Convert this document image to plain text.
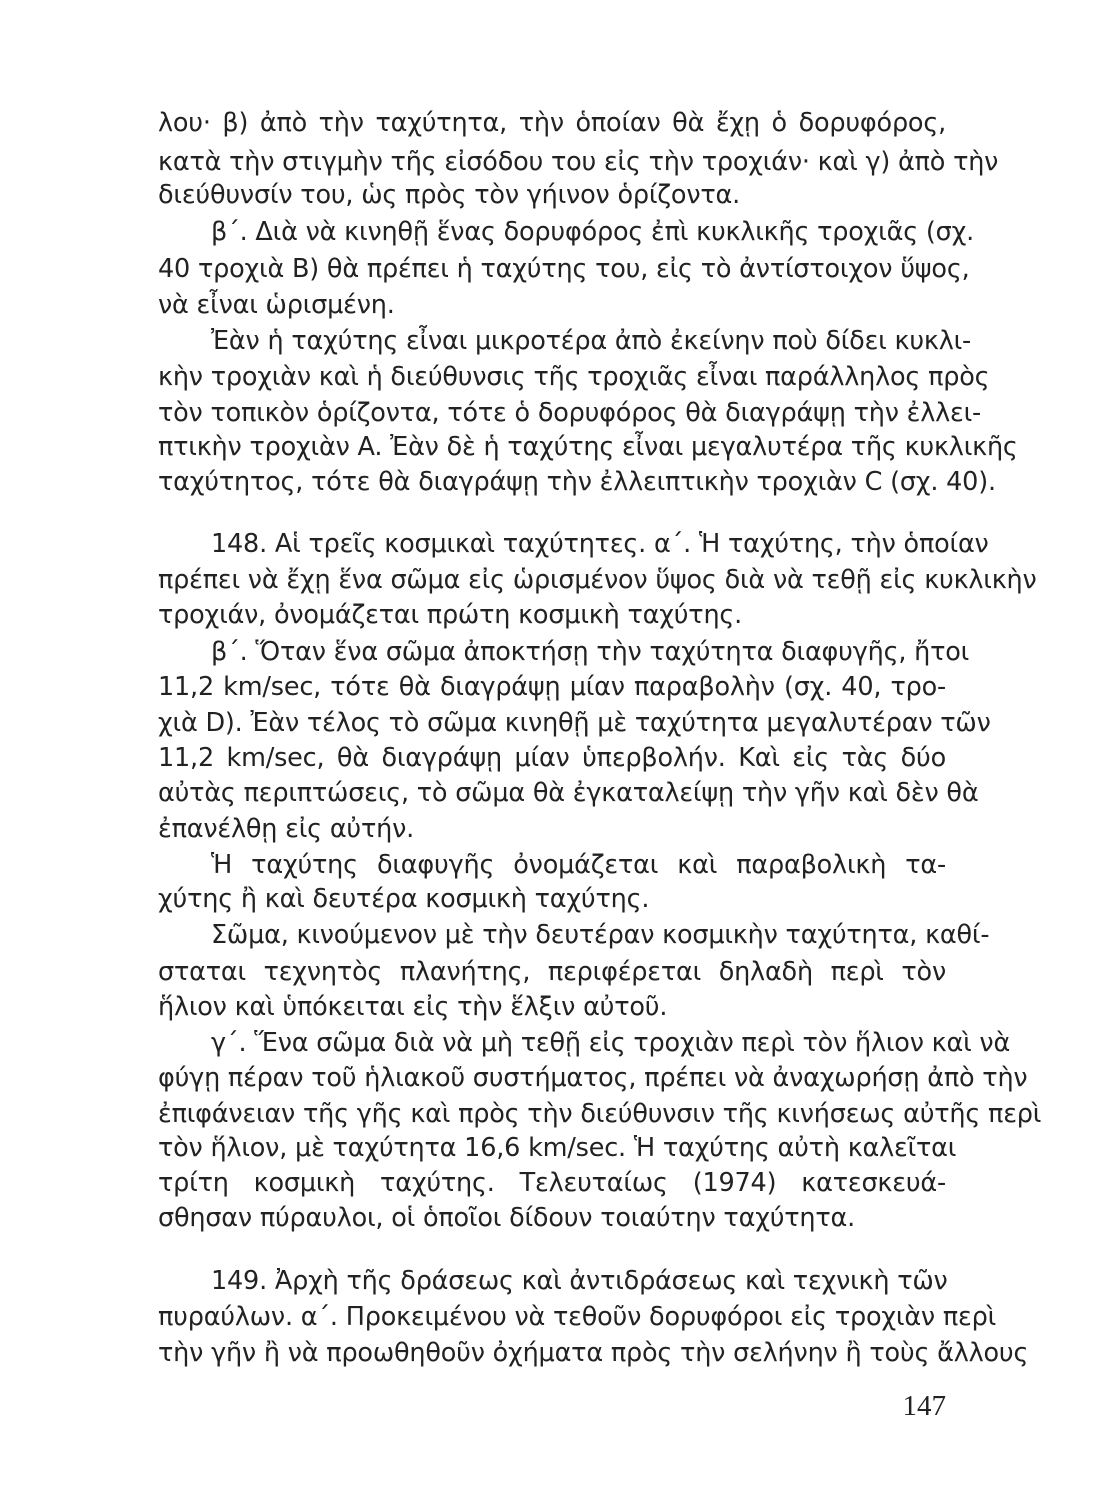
λου· β) ἀπὸ τὴν ταχύτητα, τὴν ὁποίαν θὰ ἔχῃ ὁ δορυφόρος,
κατὰ τὴν στιγμὴν τῆς εἰσόδου του εἰς τὴν τροχιάν· καὶ γ) ἀπὸ τὴν
διεύθυνσίν του, ὡς πρὸς τὸν γήινον ὁρίζοντα.
β΄. Διὰ νὰ κινηθῇ ἕνας δορυφόρος ἐπὶ κυκλικῆς τροχιᾶς (σχ.
40 τροχιὰ B) θὰ πρέπει ἡ ταχύτης του, εἰς τὸ ἀντίστοιχον ὕψος,
νὰ εἶναι ὡρισμένη.
Ἐὰν ἡ ταχύτης εἶναι μικροτέρα ἀπὸ ἐκείνην ποὺ δίδει κυκλι-
κὴν τροχιὰν καὶ ἡ διεύθυνσις τῆς τροχιᾶς εἶναι παράλληλος πρὸς
τὸν τοπικὸν ὁρίζοντα, τότε ὁ δορυφόρος θὰ διαγράψῃ τὴν ἐλλει-
πτικὴν τροχιὰν A. Ἐὰν δὲ ἡ ταχύτης εἶναι μεγαλυτέρα τῆς κυκλικῆς
ταχύτητος, τότε θὰ διαγράψῃ τὴν ἐλλειπτικὴν τροχιὰν C (σχ. 40).
148. Αἱ τρεῖς κοσμικαὶ ταχύτητες. α΄. Ἡ ταχύτης, τὴν ὁποίαν
πρέπει νὰ ἔχῃ ἕνα σῶμα εἰς ὡρισμένον ὕψος διὰ νὰ τεθῇ εἰς κυκλικὴν
τροχιάν, ὀνομάζεται πρώτη κοσμικὴ ταχύτης.
β΄. Ὅταν ἕνα σῶμα ἀποκτήσῃ τὴν ταχύτητα διαφυγῆς, ἤτοι
11,2 km/sec, τότε θὰ διαγράψῃ μίαν παραβολὴν (σχ. 40, τρο-
χιὰ D). Ἐὰν τέλος τὸ σῶμα κινηθῇ μὲ ταχύτητα μεγαλυτέραν τῶν
11,2 km/sec, θὰ διαγράψῃ μίαν ὑπερβολήν. Καὶ εἰς τὰς δύο
αὐτὰς περιπτώσεις, τὸ σῶμα θὰ ἐγκαταλείψῃ τὴν γῆν καὶ δὲν θὰ
ἐπανέλθῃ εἰς αὐτήν.
Ἡ ταχύτης διαφυγῆς ὀνομάζεται καὶ παραβολικὴ τα-
χύτης ἢ καὶ δευτέρα κοσμικὴ ταχύτης.
Σῶμα, κινούμενον μὲ τὴν δευτέραν κοσμικὴν ταχύτητα, καθί-
σταται τεχνητὸς πλανήτης, περιφέρεται δηλαδὴ περὶ τὸν
ἥλιον καὶ ὑπόκειται εἰς τὴν ἕλξιν αὐτοῦ.
γ΄. Ἕνα σῶμα διὰ νὰ μὴ τεθῇ εἰς τροχιὰν περὶ τὸν ἥλιον καὶ νὰ
φύγῃ πέραν τοῦ ἡλιακοῦ συστήματος, πρέπει νὰ ἀναχωρήσῃ ἀπὸ τὴν
ἐπιφάνειαν τῆς γῆς καὶ πρὸς τὴν διεύθυνσιν τῆς κινήσεως αὐτῆς περὶ
τὸν ἥλιον, μὲ ταχύτητα 16,6 km/sec. Ἡ ταχύτης αὐτὴ καλεῖται
τρίτη κοσμικὴ ταχύτης. Τελευταίως (1974) κατεσκευά-
σθησαν πύραυλοι, οἱ ὁποῖοι δίδουν τοιαύτην ταχύτητα.
149. Ἀρχὴ τῆς δράσεως καὶ ἀντιδράσεως καὶ τεχνικὴ τῶν
πυραύλων. α΄. Προκειμένου νὰ τεθοῦν δορυφόροι εἰς τροχιὰν περὶ
τὴν γῆν ἢ νὰ προωθηθοῦν ὀχήματα πρὸς τὴν σελήνην ἢ τοὺς ἄλλους
147
